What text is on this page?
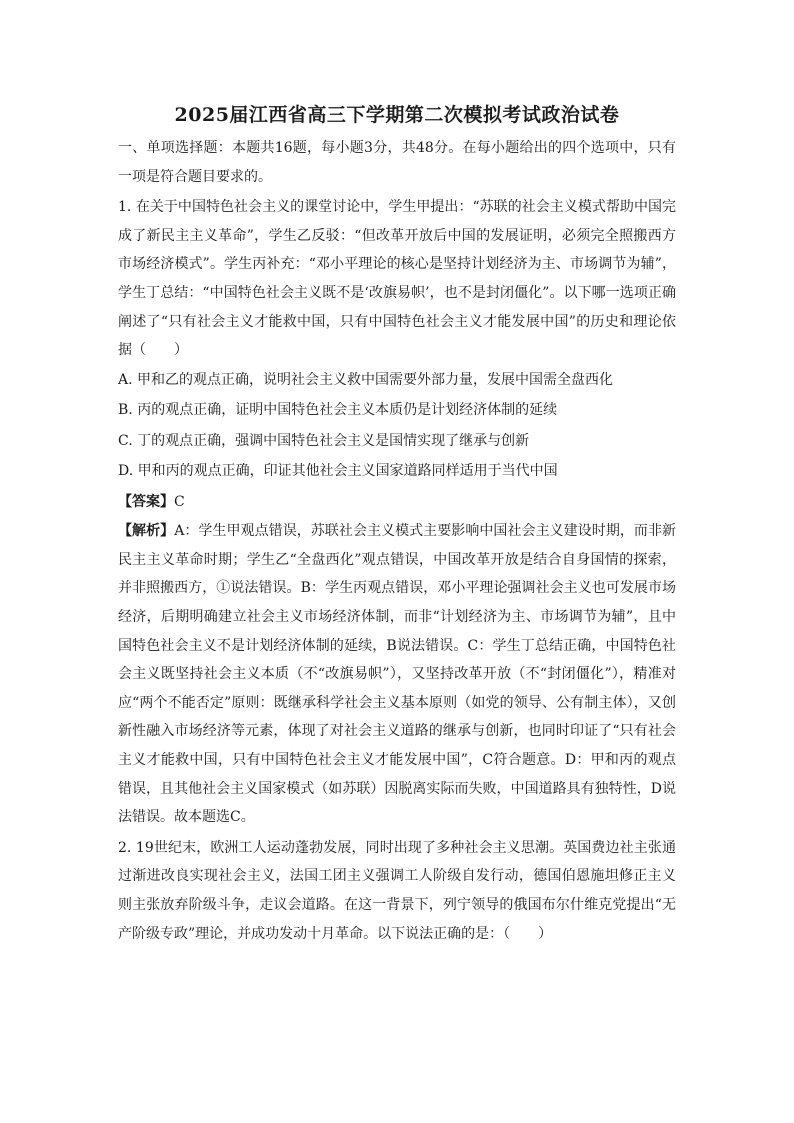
2025届江西省高三下学期第二次模拟考试政治试卷

一、单项选择题：本题共16题，每小题3分，共48分。在每小题给出的四个选项中，只有一项是符合题目要求的。

1. 在关于中国特色社会主义的课堂讨论中，学生甲提出：“苏联的社会主义模式帮助中国完成了新民主主义革命”，学生乙反驳：“但改革开放后中国的发展证明，必须完全照搬西方市场经济模式”。学生丙补充：“邓小平理论的核心是坚持计划经济为主、市场调节为辅”，学生丁总结：“中国特色社会主义既不是‘改旗易帜’，也不是封闭僵化”。以下哪一选项正确阐述了“只有社会主义才能救中国，只有中国特色社会主义才能发展中国”的历史和理论依据（　　）

A. 甲和乙的观点正确，说明社会主义救中国需要外部力量，发展中国需全盘西化

B. 丙的观点正确，证明中国特色社会主义本质仍是计划经济体制的延续

C. 丁的观点正确，强调中国特色社会主义是国情实现了继承与创新

D. 甲和丙的观点正确，印证其他社会主义国家道路同样适用于当代中国

【答案】C

【解析】A：学生甲观点错误，苏联社会主义模式主要影响中国社会主义建设时期，而非新民主主义革命时期；学生乙“全盘西化”观点错误，中国改革开放是结合自身国情的探索，并非照搬西方，①说法错误。B：学生丙观点错误，邓小平理论强调社会主义也可发展市场经济，后期明确建立社会主义市场经济体制，而非“计划经济为主、市场调节为辅”，且中国特色社会主义不是计划经济体制的延续，B说法错误。C：学生丁总结正确，中国特色社会主义既坚持社会主义本质（不“改旗易帜”），又坚持改革开放（不“封闭僵化”），精准对应“两个不能否定”原则：既继承科学社会主义基本原则（如党的领导、公有制主体），又创新性融入市场经济等元素，体现了对社会主义道路的继承与创新，也同时印证了“只有社会主义才能救中国，只有中国特色社会主义才能发展中国”，C符合题意。D：甲和丙的观点错误，且其他社会主义国家模式（如苏联）因脱离实际而失败，中国道路具有独特性，D说法错误。故本题选C。

2. 19世纪末，欧洲工人运动蓬勃发展，同时出现了多种社会主义思潮。英国费边社主张通过渐进改良实现社会主义，法国工团主义强调工人阶级自发行动，德国伯恩施坦修正主义则主张放弃阶级斗争，走议会道路。在这一背景下，列宁领导的俄国布尔什维克党提出“无产阶级专政”理论，并成功发动十月革命。以下说法正确的是：（　　）
